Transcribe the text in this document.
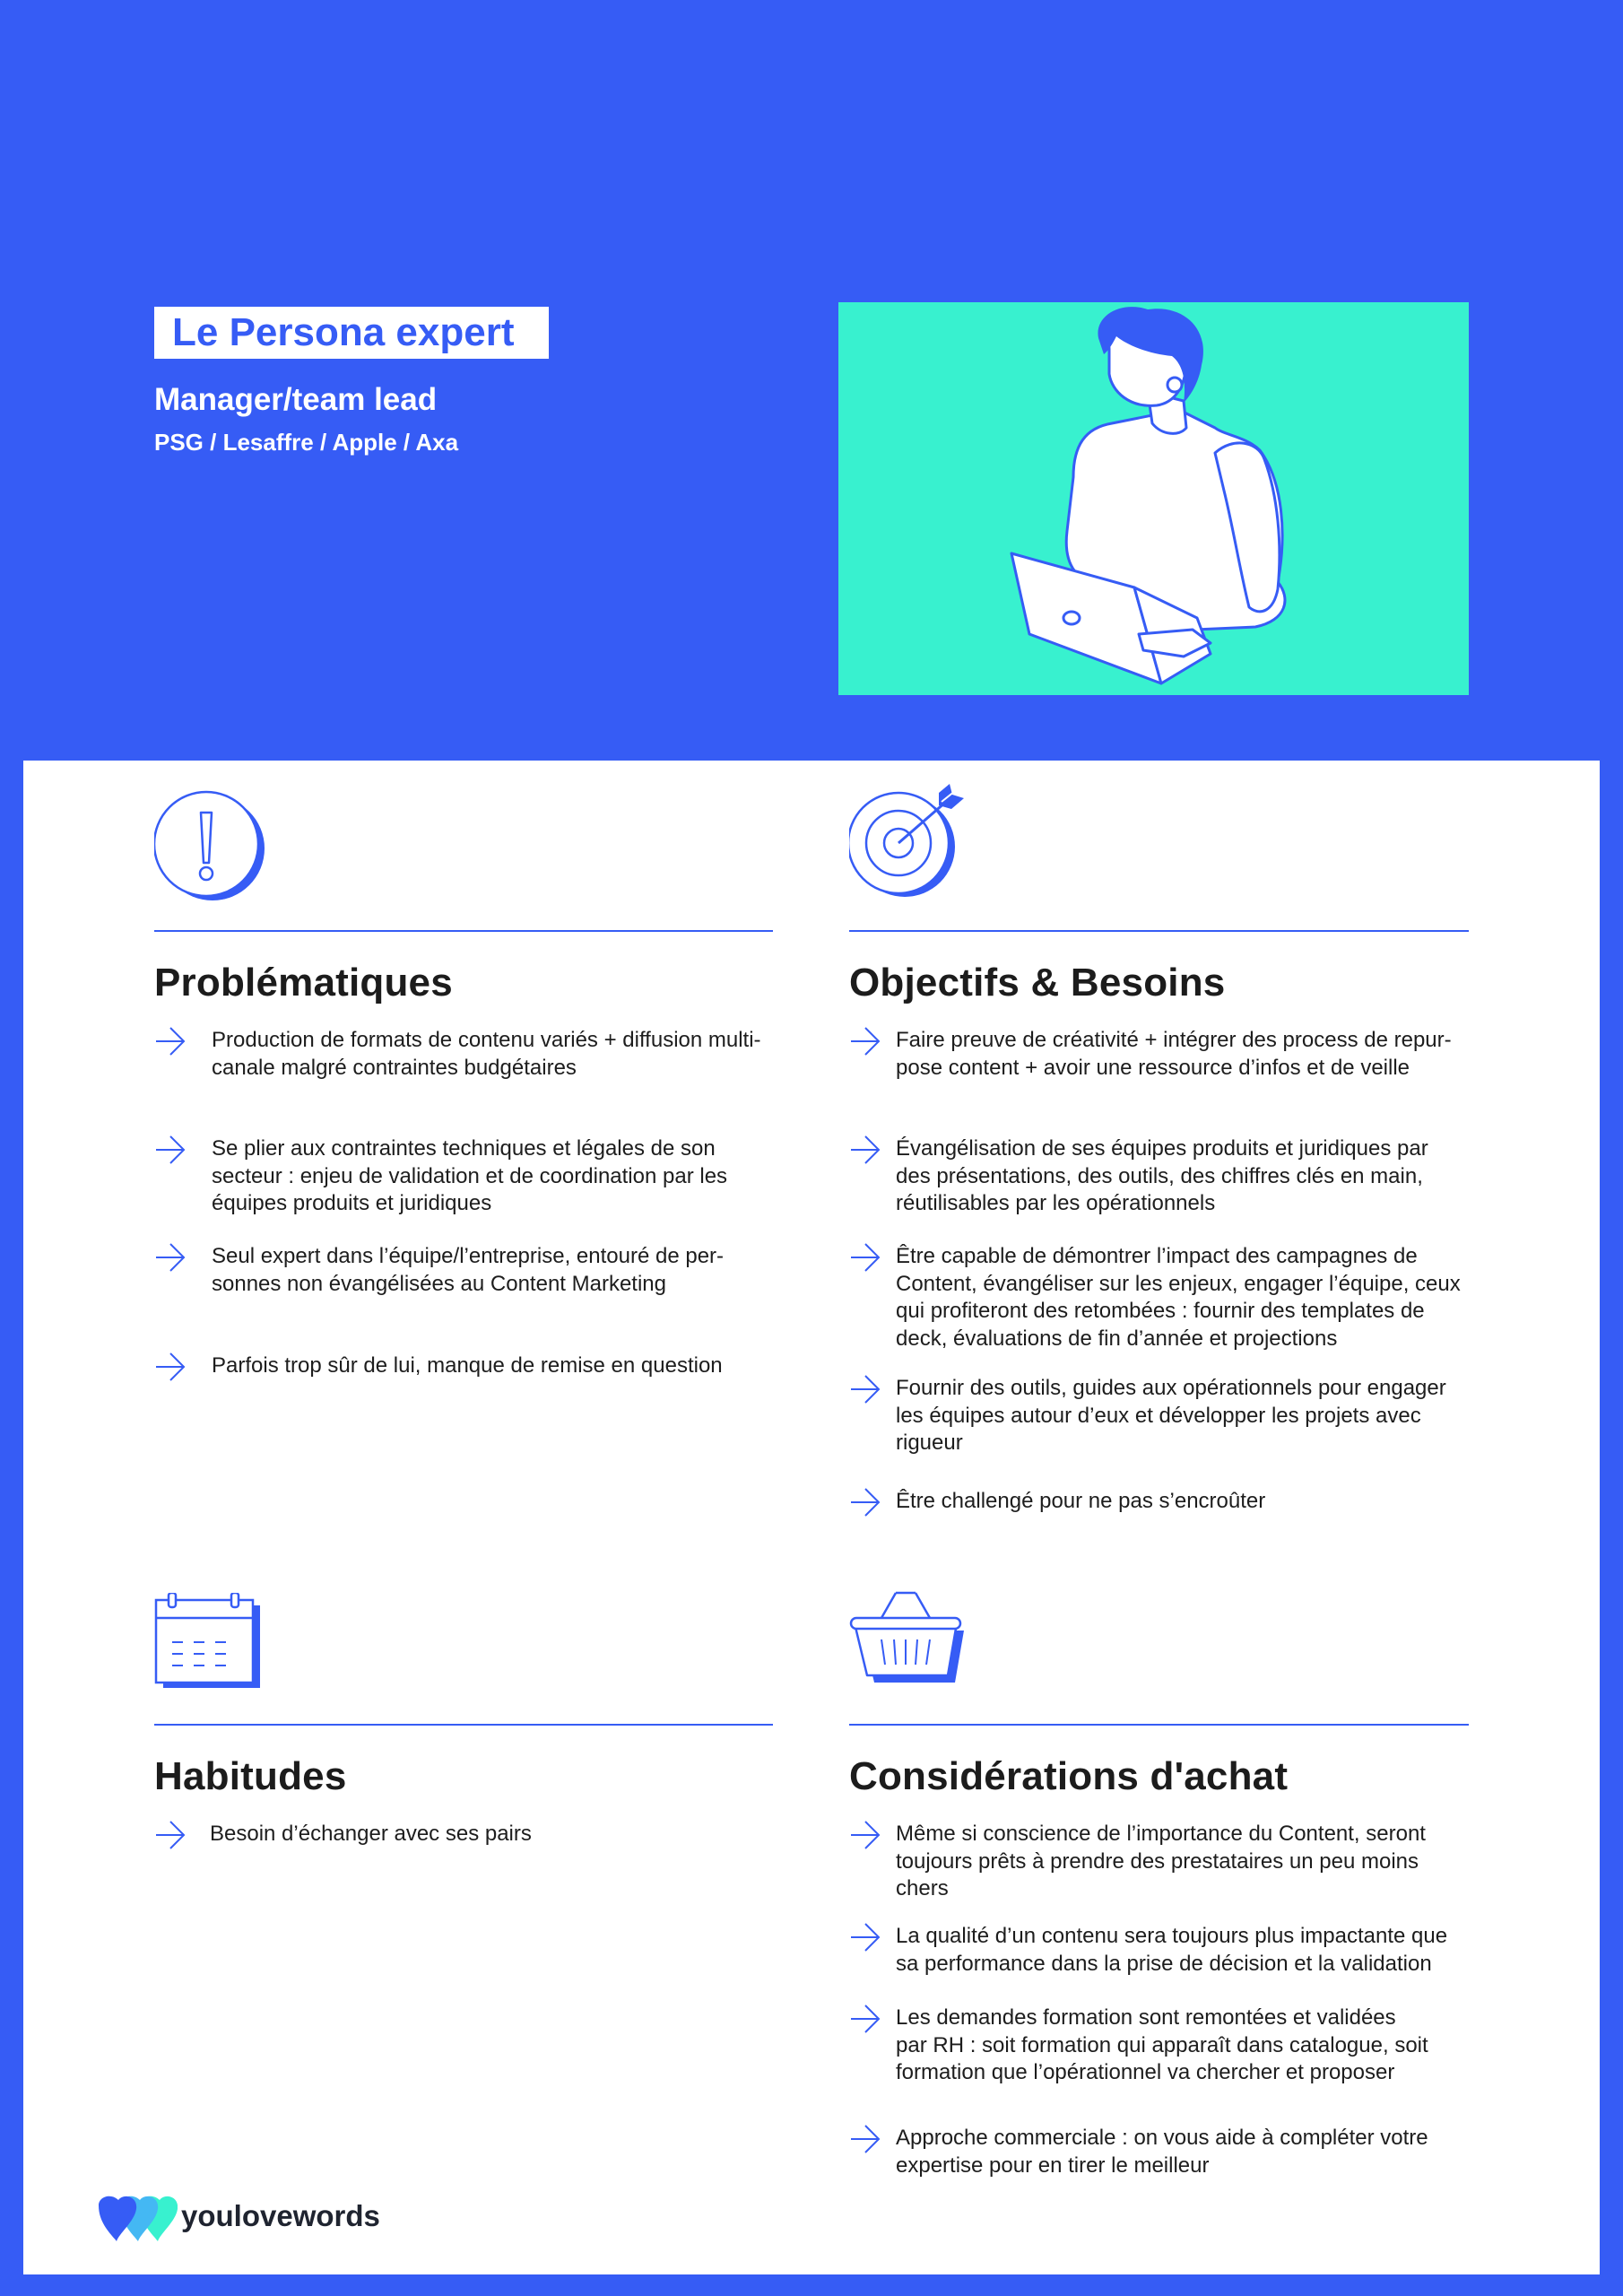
Le Persona expert
Manager/team lead
PSG / Lesaffre / Apple / Axa
Problématiques
Production de formats de contenu variés + diffusion multi-
canale malgré contraintes budgétaires
Se plier aux contraintes techniques et légales de son
secteur : enjeu de validation et de coordination par les
équipes produits et juridiques
Seul expert dans l’équipe/l’entreprise, entouré de per-
sonnes non évangélisées au Content Marketing
Parfois trop sûr de lui, manque de remise en question
Objectifs & Besoins
Faire preuve de créativité + intégrer des process de repur-
pose content + avoir une ressource d’infos et de veille
Évangélisation de ses équipes produits et juridiques par
des présentations, des outils, des chiffres clés en main,
réutilisables par les opérationnels
Être capable de démontrer l’impact des campagnes de
Content, évangéliser sur les enjeux, engager l’équipe, ceux
qui profiteront des retombées : fournir des templates de
deck, évaluations de fin d’année et projections
Fournir des outils, guides aux opérationnels pour engager
les équipes autour d’eux et développer les projets avec
rigueur
Être challengé pour ne pas s’encroûter
Habitudes
Besoin d’échanger avec ses pairs
Considérations d'achat
Même si conscience de l’importance du Content, seront
toujours prêts à prendre des prestataires un peu moins
chers
La qualité d’un contenu sera toujours plus impactante que
sa performance dans la prise de décision et la validation
Les demandes formation sont remontées et validées
par RH : soit formation qui apparaît dans catalogue, soit
formation que l’opérationnel va chercher et proposer
Approche commerciale : on vous aide à compléter votre
expertise pour en tirer le meilleur
youlovewords
